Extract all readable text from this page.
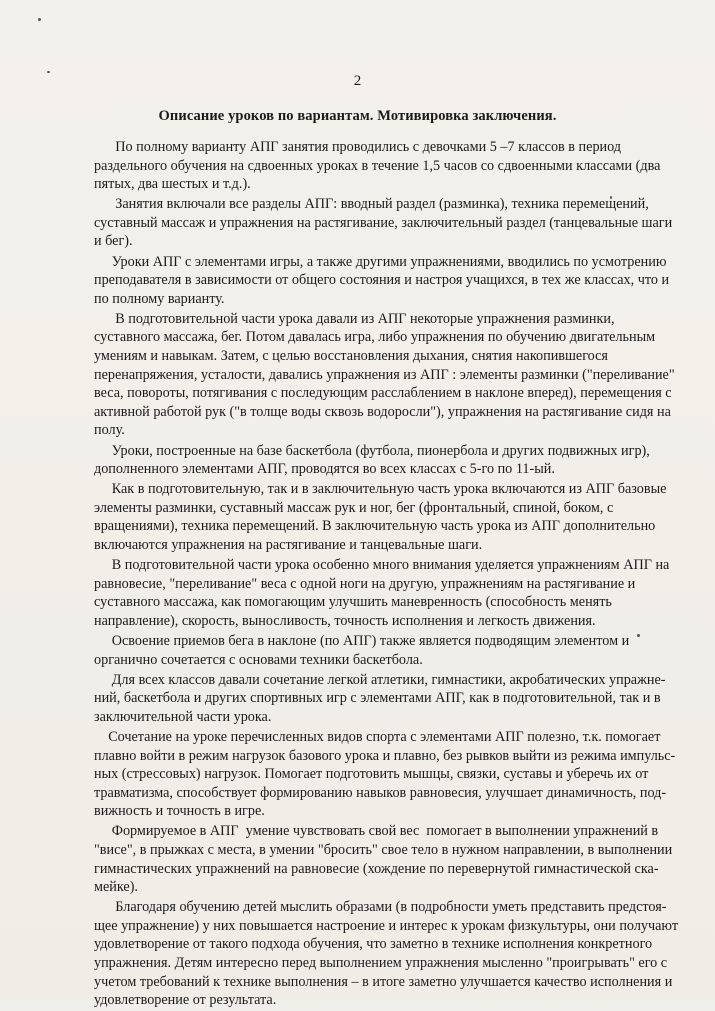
2
Описание уроков по вариантам. Мотивировка заключения.
По полному варианту АПГ занятия проводились с девочками 5 –7 классов в период
раздельного обучения на сдвоенных уроках в течение 1,5 часов со сдвоенными классами (два
пятых, два шестых и т.д.).
Занятия включали все разделы АПГ: вводный раздел (разминка), техника перемещений,
суставный массаж и упражнения на растягивание, заключительный раздел (танцевальные шаги
и бег).
Уроки АПГ с элементами игры, а также другими упражнениями, вводились по усмотрению
преподавателя в зависимости от общего состояния и настроя учащихся, в тех же классах, что и
по полному варианту.
В подготовительной части урока давали из АПГ некоторые упражнения разминки,
суставного массажа, бег. Потом давалась игра, либо упражнения по обучению двигательным
умениям и навыкам. Затем, с целью восстановления дыхания, снятия накопившегося
перенапряжения, усталости, давались упражнения из АПГ : элементы разминки ("переливание"
веса, повороты, потягивания с последующим расслаблением в наклоне вперед), перемещения с
активной работой рук ("в толще воды сквозь водоросли"), упражнения на растягивание сидя на
полу.
Уроки, построенные на базе баскетбола (футбола, пионербола и других подвижных игр),
дополненного элементами АПГ, проводятся во всех классах с 5-го по 11-ый.
Как в подготовительную, так и в заключительную часть урока включаются из АПГ базовые
элементы разминки, суставный массаж рук и ног, бег (фронтальный, спиной, боком, с
вращениями), техника перемещений. В заключительную часть урока из АПГ дополнительно
включаются упражнения на растягивание и танцевальные шаги.
В подготовительной части урока особенно много внимания уделяется упражнениям АПГ на
равновесие, "переливание" веса с одной ноги на другую, упражнениям на растягивание и
суставного массажа, как помогающим улучшить маневренность (способность менять
направление), скорость, выносливость, точность исполнения и легкость движения.
Освоение приемов бега в наклоне (по АПГ) также является подводящим элементом и
органично сочетается с основами техники баскетбола.
Для всех классов давали сочетание легкой атлетики, гимнастики, акробатических упражне-
ний, баскетбола и других спортивных игр с элементами АПГ, как в подготовительной, так и в
заключительной части урока.
Сочетание на уроке перечисленных видов спорта с элементами АПГ полезно, т.к. помогает
плавно войти в режим нагрузок базового урока и плавно, без рывков выйти из режима импульс-
ных (стрессовых) нагрузок. Помогает подготовить мышцы, связки, суставы и уберечь их от
травматизма, способствует формированию навыков равновесия, улучшает динамичность, под-
вижность и точность в игре.
Формируемое в АПГ  умение чувствовать свой вес  помогает в выполнении упражнений в
"висе", в прыжках с места, в умении "бросить" свое тело в нужном направлении, в выполнении
гимнастических упражнений на равновесие (хождение по перевернутой гимнастической ска-
мейке).
Благодаря обучению детей мыслить образами (в подробности уметь представить предстоя-
щее упражнение) у них повышается настроение и интерес к урокам физкультуры, они получают
удовлетворение от такого подхода обучения, что заметно в технике исполнения конкретного
упражнения. Детям интересно перед выполнением упражнения мысленно "проигрывать" его с
учетом требований к технике выполнения – в итоге заметно улучшается качество исполнения и
удовлетворение от результата.
